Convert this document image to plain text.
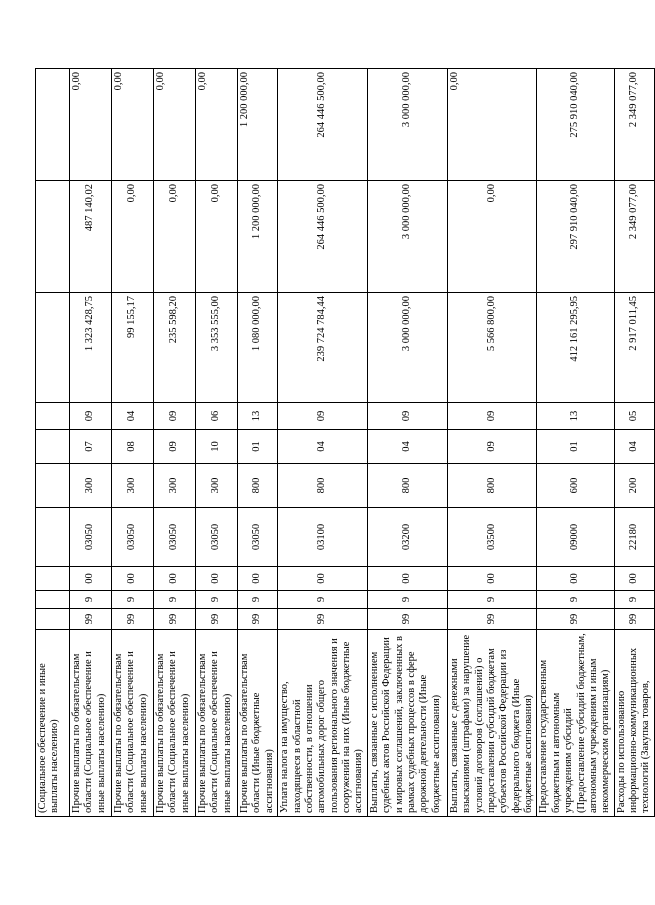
(Социальное обеспечение и иные выплаты населению)										
Прочие выплаты по обязательствам области (Социальное обеспечение и иные выплаты населению)	99	9	00	03050	300	07	09	1 323 428,75	487 140,02	0,00
Прочие выплаты по обязательствам области (Социальное обеспечение и иные выплаты населению)	99	9	00	03050	300	08	04	99 155,17	0,00	0,00
Прочие выплаты по обязательствам области (Социальное обеспечение и иные выплаты населению)	99	9	00	03050	300	09	09	235 598,20	0,00	0,00
Прочие выплаты по обязательствам области (Социальное обеспечение и иные выплаты населению)	99	9	00	03050	300	10	06	3 353 555,00	0,00	0,00
Прочие выплаты по обязательствам области (Иные бюджетные ассигнования)	99	9	00	03050	800	01	13	1 080 000,00	1 200 000,00	1 200 000,00
Уплата налога на имущество, находящееся в областной собственности, в отношении автомобильных дорог общего пользования регионального значения и сооружений на них (Иные бюджетные ассигнования)	99	9	00	03100	800	04	09	239 724 784,44	264 446 500,00	264 446 500,00
Выплаты, связанные с исполнением судебных актов Российской Федерации и мировых соглашений, заключенных в рамках судебных процессов в сфере дорожной деятельности (Иные бюджетные ассигнования)	99	9	00	03200	800	04	09	3 000 000,00	3 000 000,00	3 000 000,00
Выплаты, связанные с денежными взысканиями (штрафами) за нарушение условий договоров (соглашений) о предоставлении субсидий бюджетам субъектов Российской Федерации из федерального бюджета (Иные бюджетные ассигнования)	99	9	00	03500	800	09	09	5 566 800,00	0,00	0,00
Предоставление государственным бюджетным и автономным учреждениям субсидий (Предоставление субсидий бюджетным, автономным учреждениям и иным некоммерческим организациям)	99	9	00	09000	600	01	13	412 161 295,95	297 910 040,00	275 910 040,00
Расходы по использованию информационно-коммуникационных технологий (Закупка товаров,	99	9	00	22180	200	04	05	2 917 011,45	2 349 077,00	2 349 077,00
